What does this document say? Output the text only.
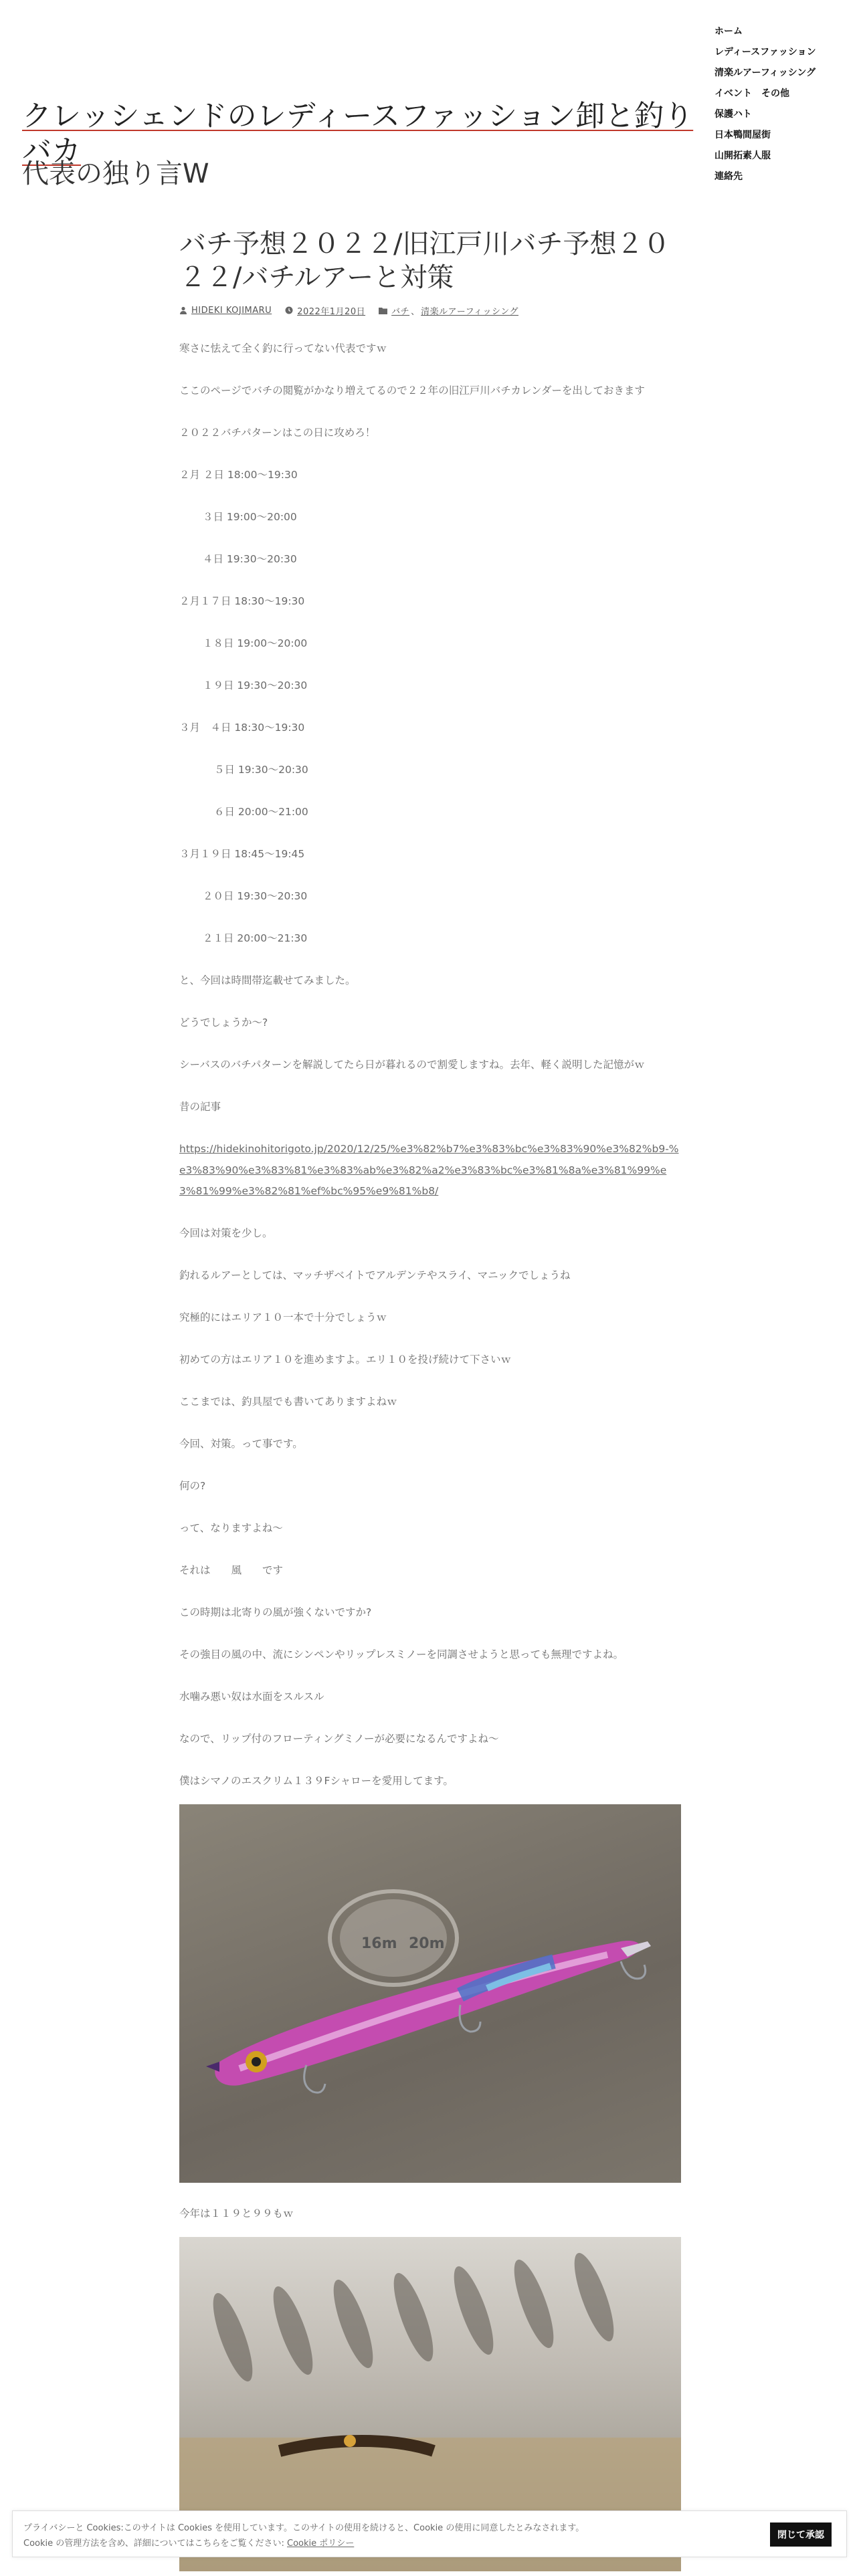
クレッシェンドのレディースファッション卸と釣りバカ

代表の独り言W

ホーム
レディースファッション
清楽ルアーフィッシング
イベント　その他
保護ハト
日本鴨間屋街
山開拓素人服
連絡先
バチ予想２０２２/旧江戸川バチ予想２０２２/バチルアーと対策
HIDEKI KOJIMARU	2022年1月20日	バチ 、 清楽ルアーフィッシング

寒さに怯えて全く釣に行ってない代表ですｗ

ここのページでバチの閲覧がかなり増えてるので２２年の旧江戸川バチカレンダーを出しておきます

２０２２バチパターンはこの日に攻めろ！

２月 ２日 18:00〜19:30

３日 19:00〜20:00

４日 19:30〜20:30

２月１７日 18:30〜19:30

１８日 19:00〜20:00

１９日 19:30〜20:30

３月　４日 18:30〜19:30

５日 19:30〜20:30

６日 20:00〜21:00

３月１９日 18:45〜19:45

２０日 19:30〜20:30

２１日 20:00〜21:30

と、今回は時間帯迄載せてみました。

どうでしょうか〜?

シーバスのバチパターンを解説してたら日が暮れるので割愛しますね。去年、軽く説明した記憶がｗ

昔の記事

https://hidekinohitorigoto.jp/2020/12/25/%e3%82%b7%e3%83%bc%e3%83%90%e3%82%b9-%e3%83%90%e3%83%81%e3%83%ab%e3%82%a2%e3%83%bc%e3%81%8a%e3%81%99%e3%81%99%e3%82%81%ef%bc%95%e9%81%b8/

今回は対策を少し。

釣れるルアーとしては、マッチザベイトでアルデンテやスライ、マニックでしょうね

究極的にはエリア１０一本で十分でしょうｗ

初めての方はエリア１０を進めますよ。エリ１０を投げ続けて下さいｗ

ここまでは、釣具屋でも書いてありますよねｗ

今回、対策。って事です。

何の?

って、なりますよね〜

それは　　風　　です

この時期は北寄りの風が強くないですか?

その強目の風の中、流にシンペンやリップレスミノーを同調させようと思っても無理ですよね。

水噛み悪い奴は水面をスルスル

なので、リップ付のフローティングミノーが必要になるんですよね〜

僕はシマノのエスクリム１３９Fシャローを愛用してます。

16m 20m

今年は１１９と９９もｗ

プライバシーと Cookies:このサイトは Cookies を使用しています。このサイトの使用を続けると、Cookie の使用に同意したとみなされます。
Cookie の管理方法を含め、詳細についてはこちらをご覧ください: Cookie ポリシー
閉じて承認
